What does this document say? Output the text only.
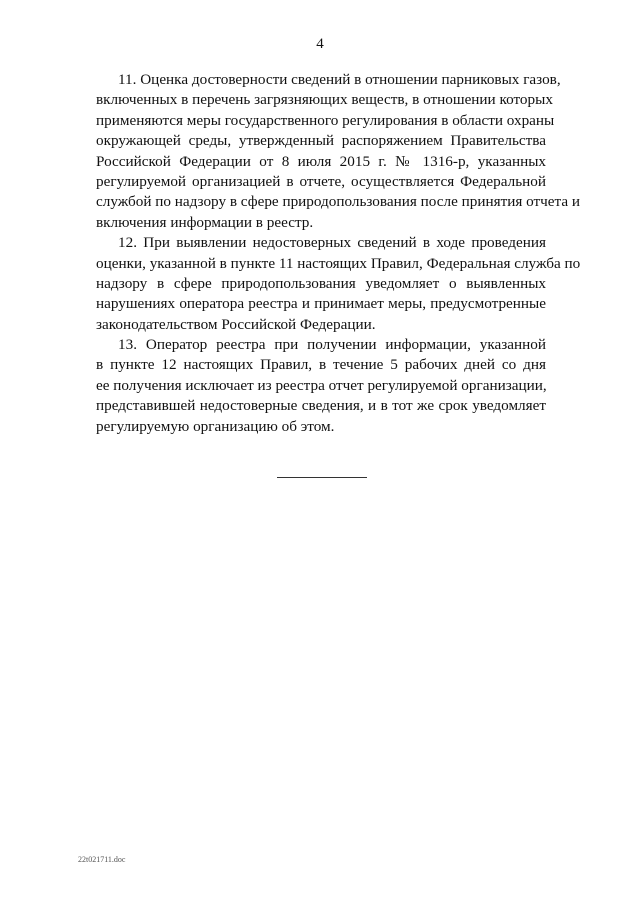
4
11. Оценка достоверности сведений в отношении парниковых газов,
включенных в перечень загрязняющих веществ, в отношении которых
применяются меры государственного регулирования в области охраны
окружающей среды, утвержденный распоряжением Правительства
Российской Федерации от 8 июля 2015 г. № 1316-р, указанных
регулируемой организацией в отчете, осуществляется Федеральной
службой по надзору в сфере природопользования после принятия отчета и
включения информации в реестр.
12. При выявлении недостоверных сведений в ходе проведения
оценки, указанной в пункте 11 настоящих Правил, Федеральная служба по
надзору в сфере природопользования уведомляет о выявленных
нарушениях оператора реестра и принимает меры, предусмотренные
законодательством Российской Федерации.
13. Оператор реестра при получении информации, указанной
в пункте 12 настоящих Правил, в течение 5 рабочих дней со дня
ее получения исключает из реестра отчет регулируемой организации,
представившей недостоверные сведения, и в тот же срок уведомляет
регулируемую организацию об этом.
22t021711.doc
